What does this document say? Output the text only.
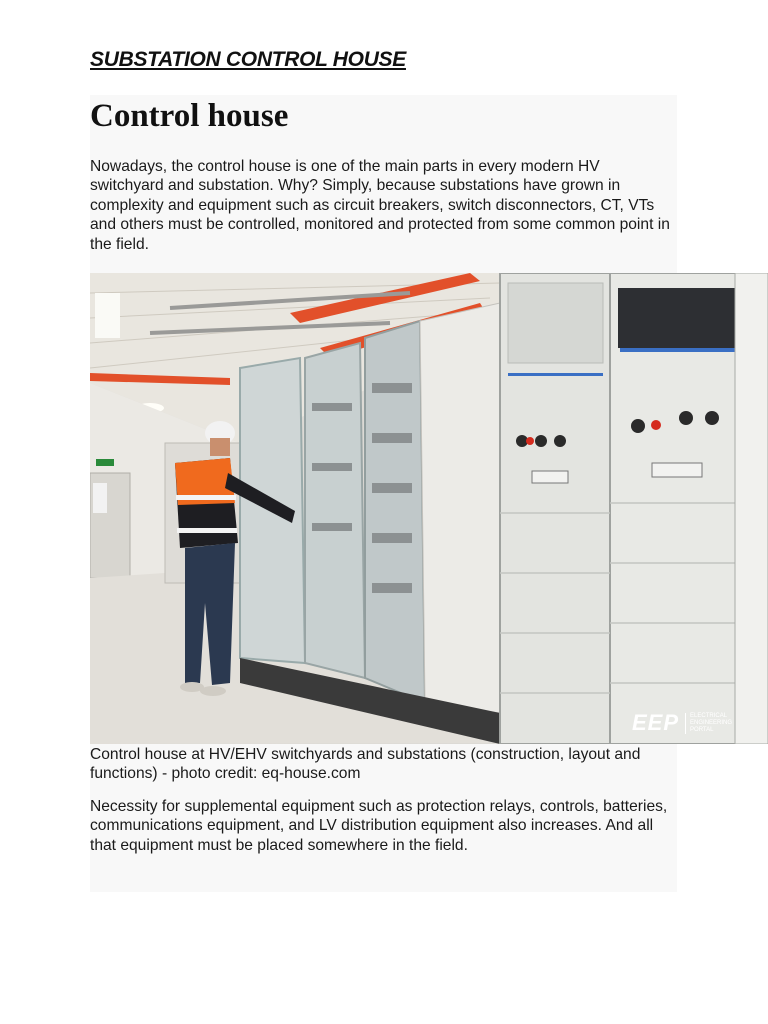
SUBSTATION CONTROL HOUSE
Control house
Nowadays, the control house is one of the main parts in every modern HV switchyard and substation. Why? Simply, because substations have grown in complexity and equipment such as circuit breakers, switch disconnectors, CT, VTs and others must be controlled, monitored and protected from some common point in the field.
EEP	ELECTRICAL ENGINEERING PORTAL
Control house at HV/EHV switchyards and substations (construction, layout and functions) - photo credit: eq-house.com
Necessity for supplemental equipment such as protection relays, controls, batteries, communications equipment, and LV distribution equipment also increases. And all that equipment must be placed somewhere in the field.
